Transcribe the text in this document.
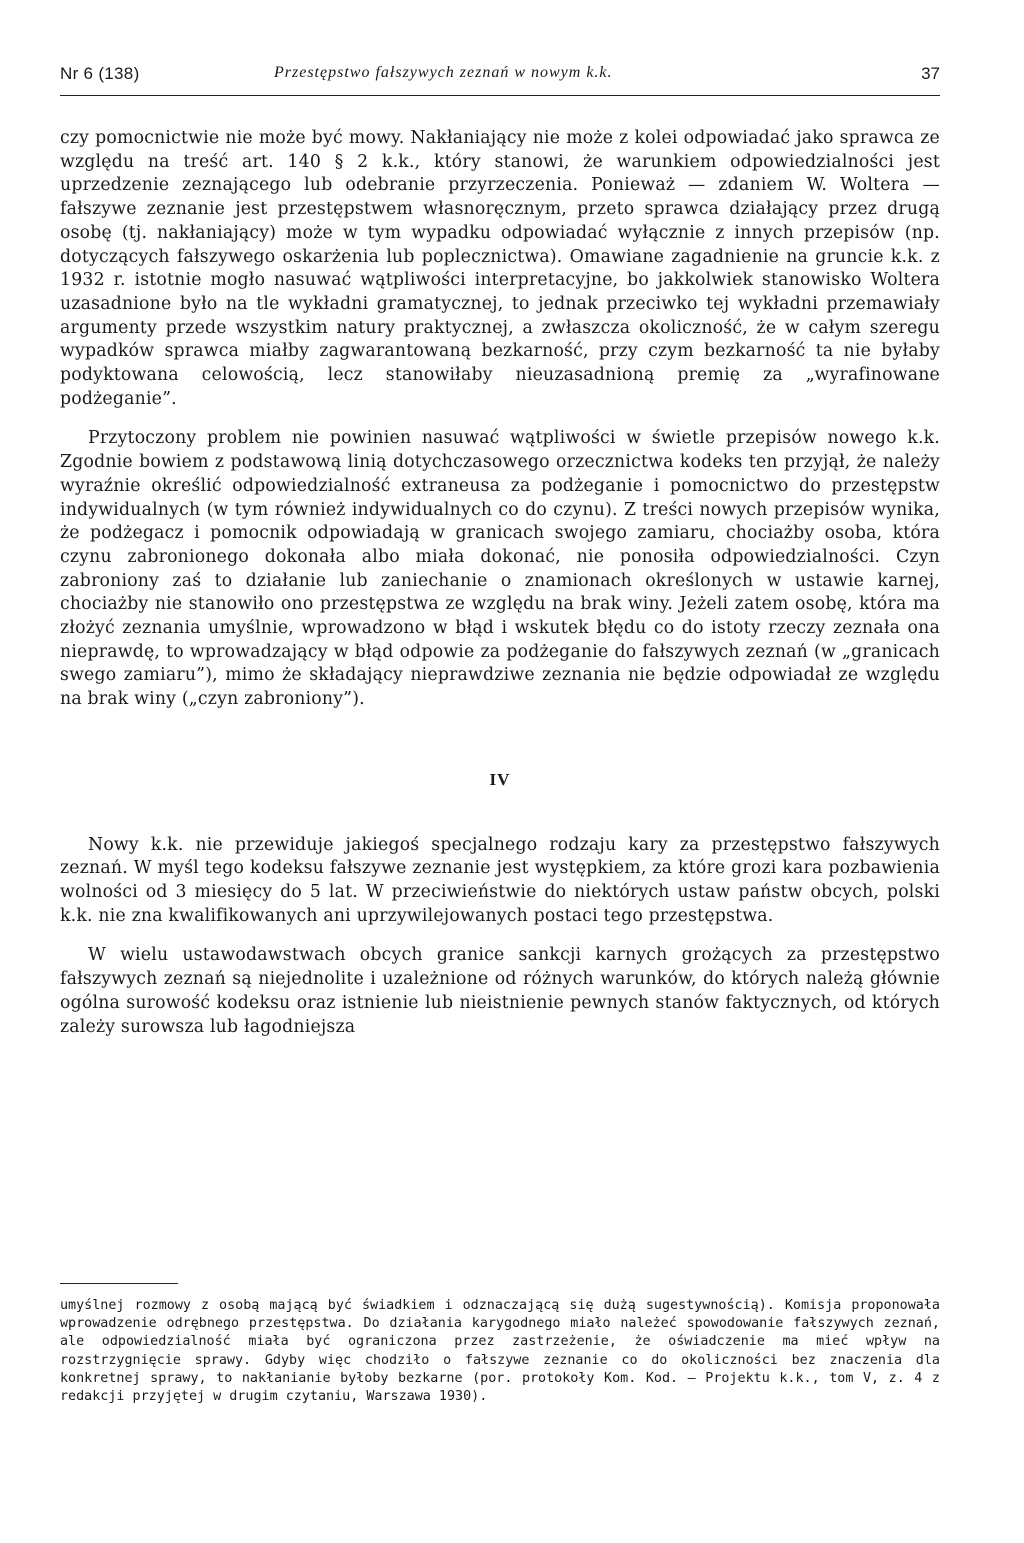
Nr 6 (138)	Przestępstwo fałszywych zeznań w nowym k.k.	37

czy pomocnictwie nie może być mowy. Nakłaniający nie może z kolei odpowiadać jako sprawca ze względu na treść art. 140 § 2 k.k., który stanowi, że warunkiem odpowiedzialności jest uprzedzenie zeznającego lub odebranie przyrzeczenia. Ponieważ — zdaniem W. Woltera — fałszywe zeznanie jest przestępstwem własnoręcznym, przeto sprawca działający przez drugą osobę (tj. nakłaniający) może w tym wypadku odpowiadać wyłącznie z innych przepisów (np. dotyczących fałszywego oskarżenia lub poplecznictwa). Omawiane zagadnienie na gruncie k.k. z 1932 r. istotnie mogło nasuwać wątpliwości interpretacyjne, bo jakkolwiek stanowisko Woltera uzasadnione było na tle wykładni gramatycznej, to jednak przeciwko tej wykładni przemawiały argumenty przede wszystkim natury praktycznej, a zwłaszcza okoliczność, że w całym szeregu wypadków sprawca miałby zagwarantowaną bezkarność, przy czym bezkarność ta nie byłaby podyktowana celowością, lecz stanowiłaby nieuzasadnioną premię za „wyrafinowane podżeganie”.

Przytoczony problem nie powinien nasuwać wątpliwości w świetle przepisów nowego k.k. Zgodnie bowiem z podstawową linią dotychczasowego orzecznictwa kodeks ten przyjął, że należy wyraźnie określić odpowiedzialność extraneusa za podżeganie i pomocnictwo do przestępstw indywidualnych (w tym również indywidualnych co do czynu). Z treści nowych przepisów wynika, że podżegacz i pomocnik odpowiadają w granicach swojego zamiaru, chociażby osoba, która czynu zabronionego dokonała albo miała dokonać, nie ponosiła odpowiedzialności. Czyn zabroniony zaś to działanie lub zaniechanie o znamionach określonych w ustawie karnej, chociażby nie stanowiło ono przestępstwa ze względu na brak winy. Jeżeli zatem osobę, która ma złożyć zeznania umyślnie, wprowadzono w błąd i wskutek błędu co do istoty rzeczy zeznała ona nieprawdę, to wprowadzający w błąd odpowie za podżeganie do fałszywych zeznań (w „granicach swego zamiaru”), mimo że składający nieprawdziwe zeznania nie będzie odpowiadał ze względu na brak winy („czyn zabroniony”).

IV

Nowy k.k. nie przewiduje jakiegoś specjalnego rodzaju kary za przestępstwo fałszywych zeznań. W myśl tego kodeksu fałszywe zeznanie jest występkiem, za które grozi kara pozbawienia wolności od 3 miesięcy do 5 lat. W przeciwieństwie do niektórych ustaw państw obcych, polski k.k. nie zna kwalifikowanych ani uprzywilejowanych postaci tego przestępstwa.

W wielu ustawodawstwach obcych granice sankcji karnych grożących za przestępstwo fałszywych zeznań są niejednolite i uzależnione od różnych warunków, do których należą głównie ogólna surowość kodeksu oraz istnienie lub nieistnienie pewnych stanów faktycznych, od których zależy surowsza lub łagodniejsza

umyślnej rozmowy z osobą mającą być świadkiem i odznaczającą się dużą sugestywnością). Komisja proponowała wprowadzenie odrębnego przestępstwa. Do działania karygodnego miało należeć spowodowanie fałszywych zeznań, ale odpowiedzialność miała być ograniczona przez zastrzeżenie, że oświadczenie ma mieć wpływ na rozstrzygnięcie sprawy. Gdyby więc chodziło o fałszywe zeznanie co do okoliczności bez znaczenia dla konkretnej sprawy, to nakłanianie byłoby bezkarne (por. protokoły Kom. Kod. — Projektu k.k., tom V, z. 4 z redakcji przyjętej w drugim czytaniu, Warszawa 1930).
